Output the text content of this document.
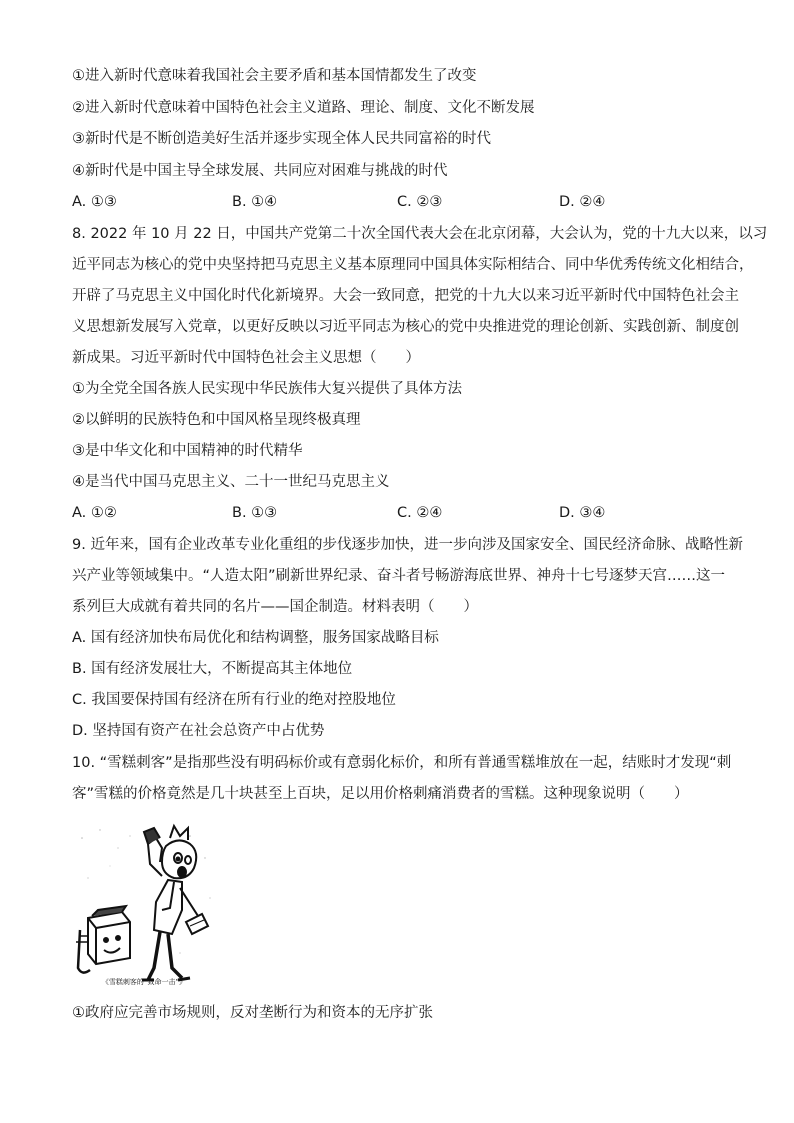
①进入新时代意味着我国社会主要矛盾和基本国情都发生了改变
②进入新时代意味着中国特色社会主义道路、理论、制度、文化不断发展
③新时代是不断创造美好生活并逐步实现全体人民共同富裕的时代
④新时代是中国主导全球发展、共同应对困难与挑战的时代
A. ①③	B. ①④	C. ②③	D. ②④
8. 2022 年 10 月 22 日，中国共产党第二十次全国代表大会在北京闭幕，大会认为，党的十九大以来，以习
近平同志为核心的党中央坚持把马克思主义基本原理同中国具体实际相结合、同中华优秀传统文化相结合，
开辟了马克思主义中国化时代化新境界。大会一致同意，把党的十九大以来习近平新时代中国特色社会主
义思想新发展写入党章，以更好反映以习近平同志为核心的党中央推进党的理论创新、实践创新、制度创
新成果。习近平新时代中国特色社会主义思想（　　）
①为全党全国各族人民实现中华民族伟大复兴提供了具体方法
②以鲜明的民族特色和中国风格呈现终极真理
③是中华文化和中国精神的时代精华
④是当代中国马克思主义、二十一世纪马克思主义
A. ①②	B. ①③	C. ②④	D. ③④
9. 近年来，国有企业改革专业化重组的步伐逐步加快，进一步向涉及国家安全、国民经济命脉、战略性新
兴产业等领域集中。“人造太阳”刷新世界纪录、奋斗者号畅游海底世界、神舟十七号逐梦天宫……这一
系列巨大成就有着共同的名片——国企制造。材料表明（　　）
A. 国有经济加快布局优化和结构调整，服务国家战略目标
B. 国有经济发展壮大，不断提高其主体地位
C. 我国要保持国有经济在所有行业的绝对控股地位
D. 坚持国有资产在社会总资产中占优势
10. “雪糕刺客”是指那些没有明码标价或有意弱化标价，和所有普通雪糕堆放在一起，结账时才发现“刺
客”雪糕的价格竟然是几十块甚至上百块，足以用价格刺痛消费者的雪糕。这种现象说明（　　）
《雪糕刺客的“致命一击”》
①政府应完善市场规则，反对垄断行为和资本的无序扩张
